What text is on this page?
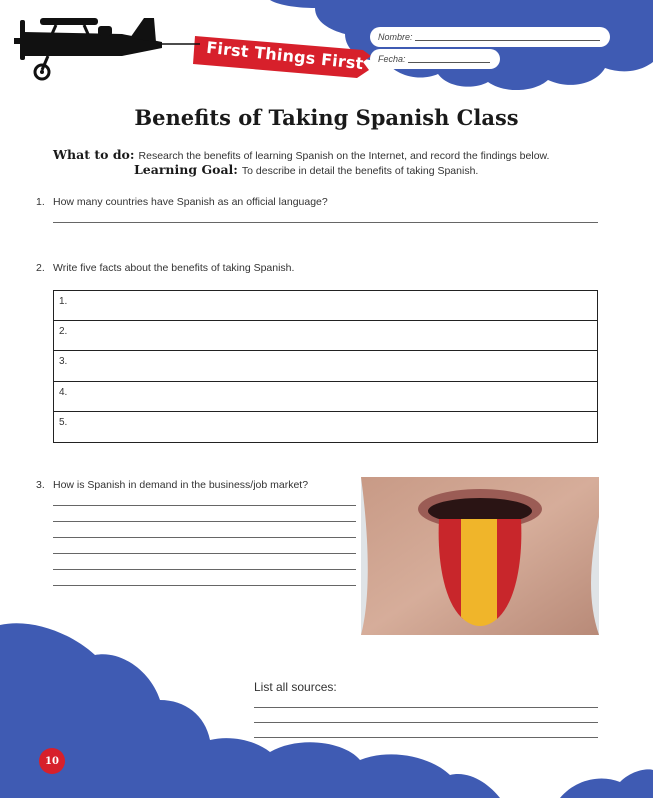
First Things First
Nombre:
Fecha:
Benefits of Taking Spanish Class
What to do: Research the benefits of learning Spanish on the Internet, and record the findings below.
Learning Goal: To describe in detail the benefits of taking Spanish.
1. How many countries have Spanish as an official language?
2. Write five facts about the benefits of taking Spanish.
1.
2.
3.
4.
5.
3. How is Spanish in demand in the business/job market?
List all sources:
10
